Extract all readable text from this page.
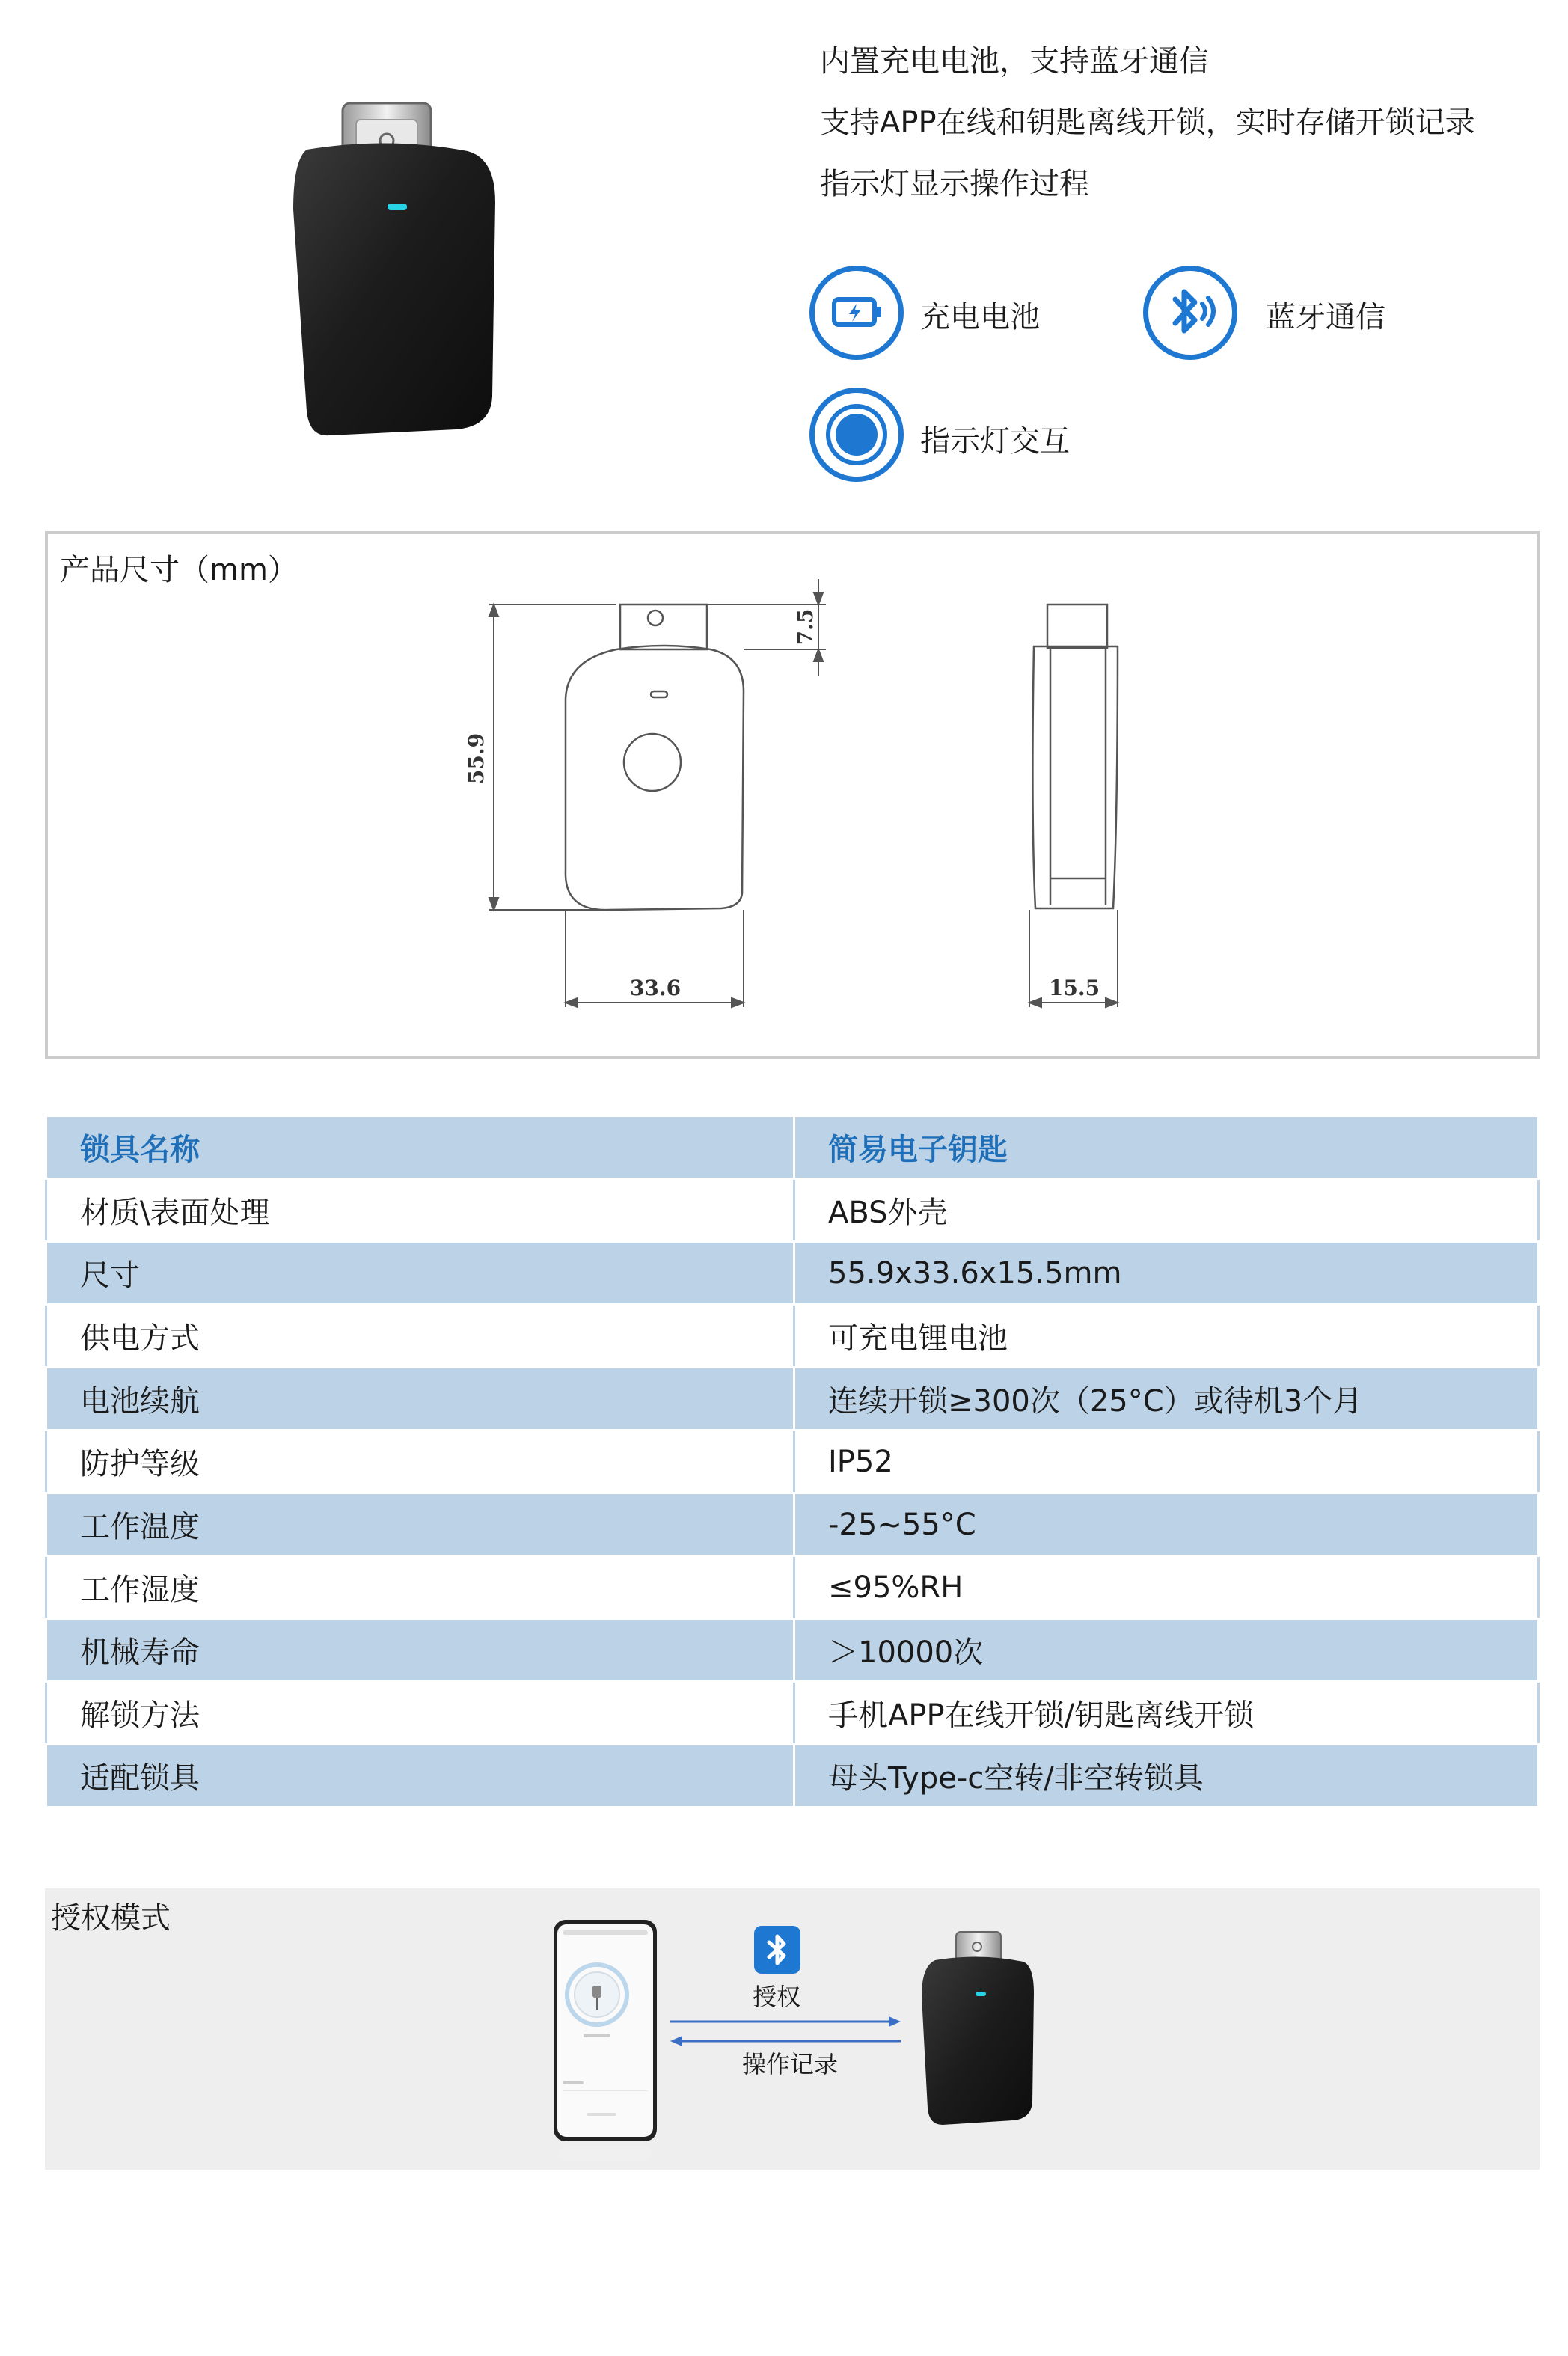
内置充电电池，支持蓝牙通信
支持APP在线和钥匙离线开锁，实时存储开锁记录
指示灯显示操作过程
充电电池	蓝牙通信
指示灯交互
产品尺寸（mm）
55.9
7.5
33.6	15.5
锁具名称	简易电子钥匙
材质\表面处理	ABS外壳
尺寸	55.9x33.6x15.5mm
供电方式	可充电锂电池
电池续航	连续开锁≥300次（25°C）或待机3个月
防护等级	IP52
工作温度	-25~55°C
工作湿度	≤95%RH
机械寿命	＞10000次
解锁方法	手机APP在线开锁/钥匙离线开锁
适配锁具	母头Type-c空转/非空转锁具
授权模式
授权
操作记录
